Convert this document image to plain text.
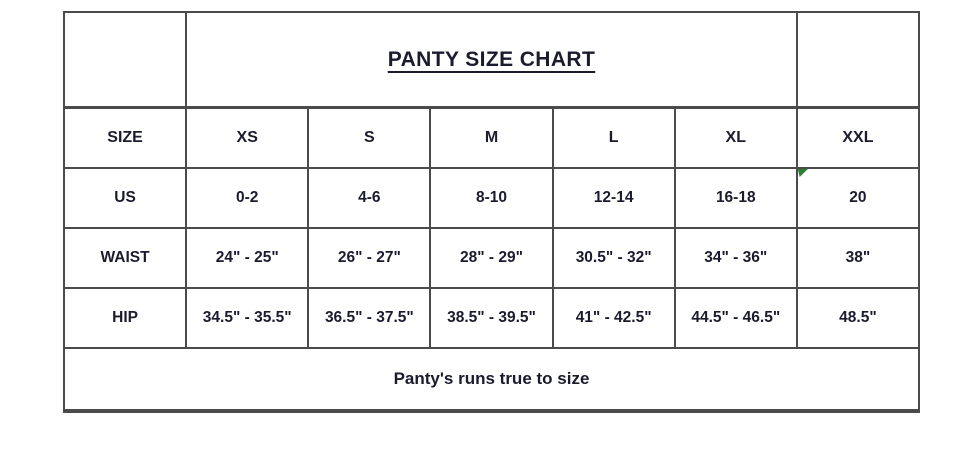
	PANTY SIZE CHART					
SIZE	XS	S	M	L	XL	XXL
US	0-2	4-6	8-10	12-14	16-18	20
WAIST	24" - 25"	26" - 27"	28" - 29"	30.5" - 32"	34" - 36"	38"
HIP	34.5" - 35.5"	36.5" - 37.5"	38.5" - 39.5"	41" - 42.5"	44.5" - 46.5"	48.5"
Panty's runs true to size						
